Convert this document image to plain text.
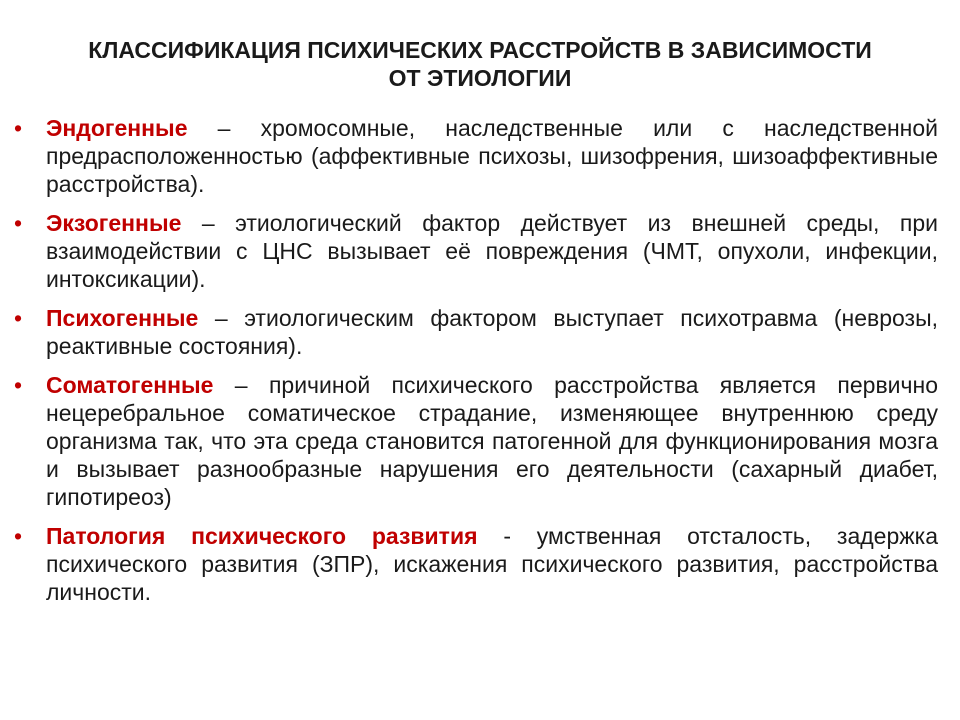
КЛАССИФИКАЦИЯ ПСИХИЧЕСКИХ РАССТРОЙСТВ В ЗАВИСИМОСТИ
ОТ ЭТИОЛОГИИ
•	Эндогенные – хромосомные, наследственные или с наследственной предрасположенностью (аффективные психозы, шизофрения, шизоаффективные расстройства).
•	Экзогенные – этиологический фактор действует из внешней среды, при взаимодействии с ЦНС вызывает её повреждения (ЧМТ, опухоли, инфекции, интоксикации).
•	Психогенные – этиологическим фактором выступает психотравма (неврозы, реактивные состояния).
•	Соматогенные – причиной психического расстройства является первично нецеребральное соматическое страдание, изменяющее внутреннюю среду организма так, что эта среда становится патогенной для функционирования мозга и вызывает разнообразные нарушения его деятельности (сахарный диабет, гипотиреоз)
•	Патология психического развития - умственная отсталость, задержка психического развития (ЗПР), искажения психического развития, расстройства личности.
